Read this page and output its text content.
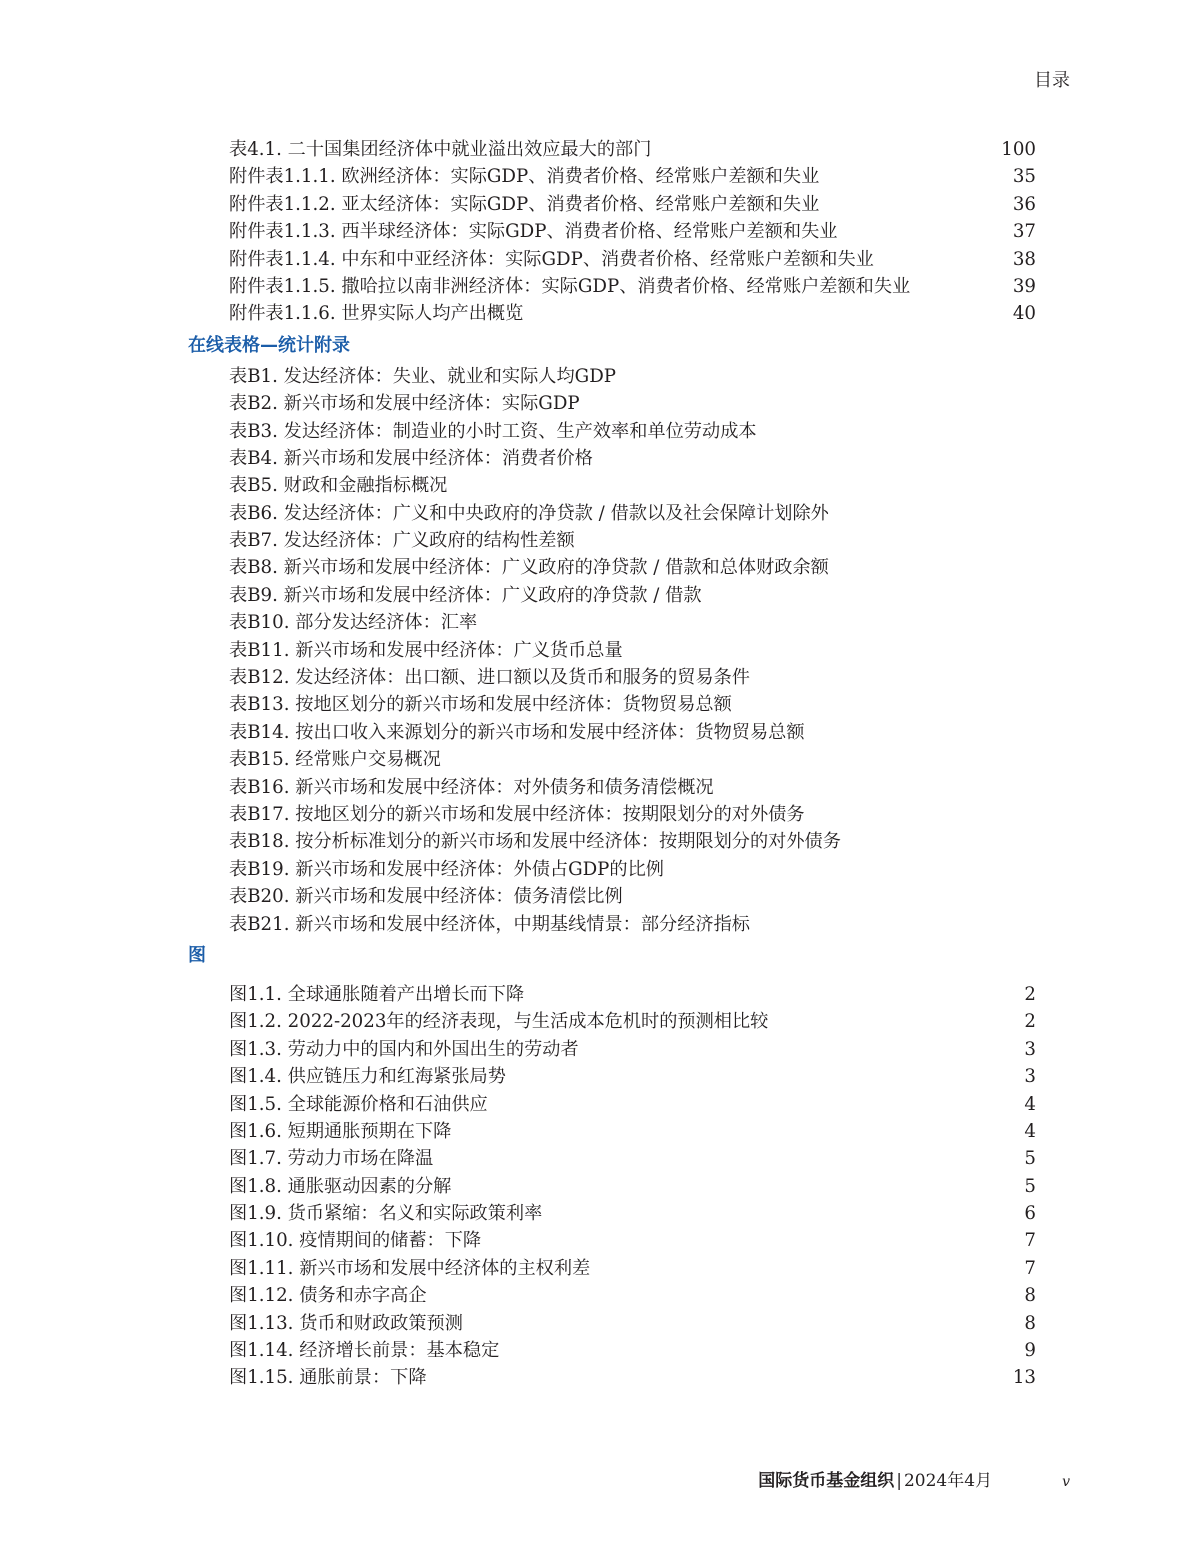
目录
表4.1. 二十国集团经济体中就业溢出效应最大的部门	100
附件表1.1.1. 欧洲经济体：实际GDP、消费者价格、经常账户差额和失业	35
附件表1.1.2. 亚太经济体：实际GDP、消费者价格、经常账户差额和失业	36
附件表1.1.3. 西半球经济体：实际GDP、消费者价格、经常账户差额和失业	37
附件表1.1.4. 中东和中亚经济体：实际GDP、消费者价格、经常账户差额和失业	38
附件表1.1.5. 撒哈拉以南非洲经济体：实际GDP、消费者价格、经常账户差额和失业	39
附件表1.1.6. 世界实际人均产出概览	40
在线表格—统计附录
表B1. 发达经济体：失业、就业和实际人均GDP
表B2. 新兴市场和发展中经济体：实际GDP
表B3. 发达经济体：制造业的小时工资、生产效率和单位劳动成本
表B4. 新兴市场和发展中经济体：消费者价格
表B5. 财政和金融指标概况
表B6. 发达经济体：广义和中央政府的净贷款 / 借款以及社会保障计划除外
表B7. 发达经济体：广义政府的结构性差额
表B8. 新兴市场和发展中经济体：广义政府的净贷款 / 借款和总体财政余额
表B9. 新兴市场和发展中经济体：广义政府的净贷款 / 借款
表B10. 部分发达经济体：汇率
表B11. 新兴市场和发展中经济体：广义货币总量
表B12. 发达经济体：出口额、进口额以及货币和服务的贸易条件
表B13. 按地区划分的新兴市场和发展中经济体：货物贸易总额
表B14. 按出口收入来源划分的新兴市场和发展中经济体：货物贸易总额
表B15. 经常账户交易概况
表B16. 新兴市场和发展中经济体：对外债务和债务清偿概况
表B17. 按地区划分的新兴市场和发展中经济体：按期限划分的对外债务
表B18. 按分析标准划分的新兴市场和发展中经济体：按期限划分的对外债务
表B19. 新兴市场和发展中经济体：外债占GDP的比例
表B20. 新兴市场和发展中经济体：债务清偿比例
表B21. 新兴市场和发展中经济体，中期基线情景：部分经济指标
图
图1.1. 全球通胀随着产出增长而下降	2
图1.2. 2022-2023年的经济表现，与生活成本危机时的预测相比较	2
图1.3. 劳动力中的国内和外国出生的劳动者	3
图1.4. 供应链压力和红海紧张局势	3
图1.5. 全球能源价格和石油供应	4
图1.6. 短期通胀预期在下降	4
图1.7. 劳动力市场在降温	5
图1.8. 通胀驱动因素的分解	5
图1.9. 货币紧缩：名义和实际政策利率	6
图1.10. 疫情期间的储蓄：下降	7
图1.11. 新兴市场和发展中经济体的主权利差	7
图1.12. 债务和赤字高企	8
图1.13. 货币和财政政策预测	8
图1.14. 经济增长前景：基本稳定	9
图1.15. 通胀前景：下降	13
国际货币基金组织 | 2024年4月	v
